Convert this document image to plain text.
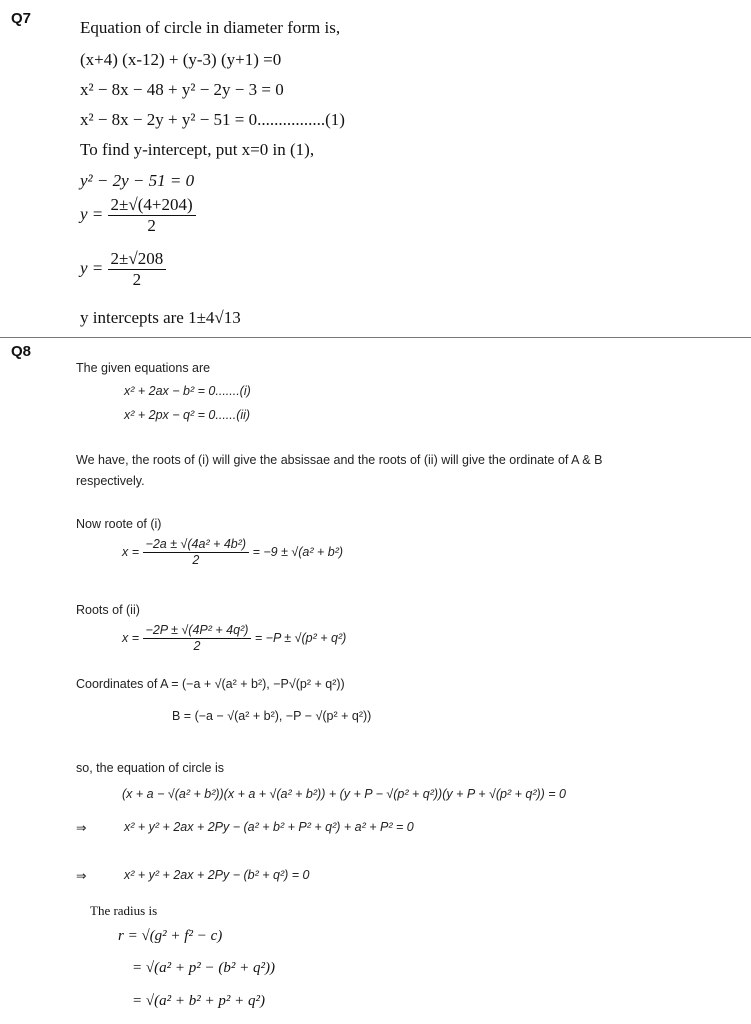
Q7	Equation of circle in diameter form is,
(x+4) (x-12) + (y-3) (y+1) =0
x² − 8x − 48 + y² − 2y − 3 = 0
x² − 8x − 2y + y² − 51 = 0................(1)
To find y-intercept, put x=0 in (1),
y² − 2y − 51 = 0
$y = \frac{2\pm√(4+204)}{2}$
$y = \frac{2\pm√208}{2}$
y intercepts are 1±4√13
Q8
The given equations are
x² + 2ax − b² = 0.......(i)
x² + 2px − q² = 0......(ii)
We have, the roots of (i) will give the absissae and the roots of (ii) will give the ordinate of A & B
respectively.
Now roote of (i)
$x = \frac{\text{−2a ± √(4a² + 4b²)}}{2} = -9 \pm √(a^2 + b^2)$
Roots of (ii)
$x = \frac{\text{−2P ± √(4P² + 4q²)}}{2} = -P \pm √(p^2 + q^2)$
Coordinates of A = (−a + √(a² + b²), −P√(p² + q²))
B = (−a − √(a² + b²), −P − √(p² + q²))
so, the equation of circle is
(x + a − √(a² + b²))(x + a + √(a² + b²)) + (y + P − √(p² + q²))(y + P + √(p² + q²)) = 0
⇒	x² + y² + 2ax + 2Py − (a² + b² + P² + q²) + a² + P² = 0
⇒	x² + y² + 2ax + 2Py − (b² + q²) = 0
The radius is
r = √(g² + f² − c)
= √(a² + p² − (b² + q²))
= √(a² + b² + p² + q²)
